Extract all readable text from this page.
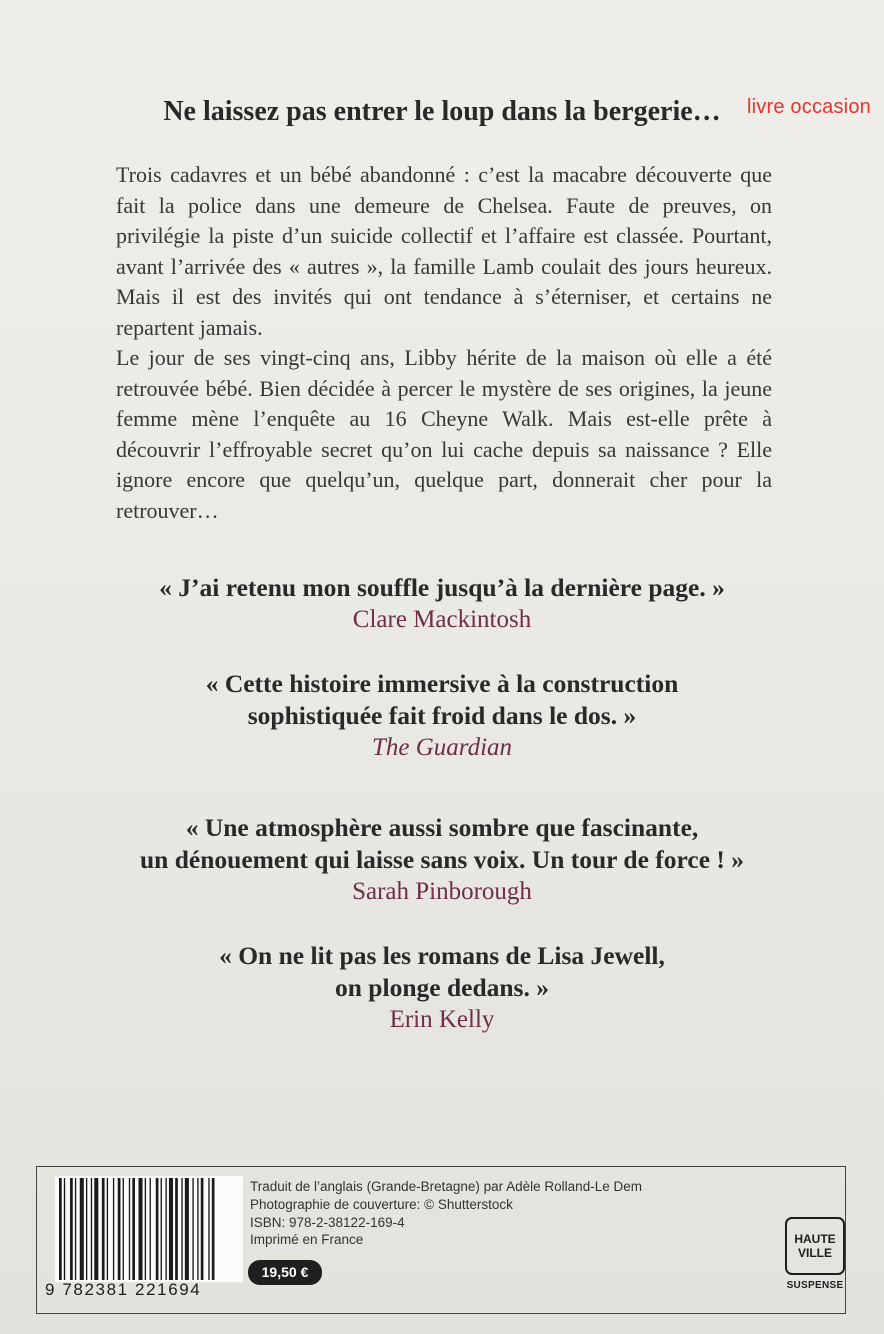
livre occasion
Ne laissez pas entrer le loup dans la bergerie…

Trois cadavres et un bébé abandonné : c’est la macabre découverte que fait la police dans une demeure de Chelsea. Faute de preuves, on privilégie la piste d’un suicide collectif et l’affaire est classée. Pourtant, avant l’arrivée des « autres », la famille Lamb coulait des jours heureux. Mais il est des invités qui ont tendance à s’éterniser, et certains ne repartent jamais.

Le jour de ses vingt-cinq ans, Libby hérite de la maison où elle a été retrouvée bébé. Bien décidée à percer le mystère de ses origines, la jeune femme mène l’enquête au 16 Cheyne Walk. Mais est-elle prête à découvrir l’effroyable secret qu’on lui cache depuis sa naissance ? Elle ignore encore que quelqu’un, quelque part, donnerait cher pour la retrouver…

« J’ai retenu mon souffle jusqu’à la dernière page. »
Clare Mackintosh
« Cette histoire immersive à la construction
sophistiquée fait froid dans le dos. »
The Guardian
« Une atmosphère aussi sombre que fascinante,
un dénouement qui laisse sans voix. Un tour de force ! »
Sarah Pinborough
« On ne lit pas les romans de Lisa Jewell,
on plonge dedans. »
Erin Kelly
9 782381 221694
Traduit de l’anglais (Grande-Bretagne) par Adèle Rolland-Le Dem
Photographie de couverture: © Shutterstock
ISBN: 978-2-38122-169-4
Imprimé en France
19,50 €
HAUTE
VILLE
SUSPENSE
